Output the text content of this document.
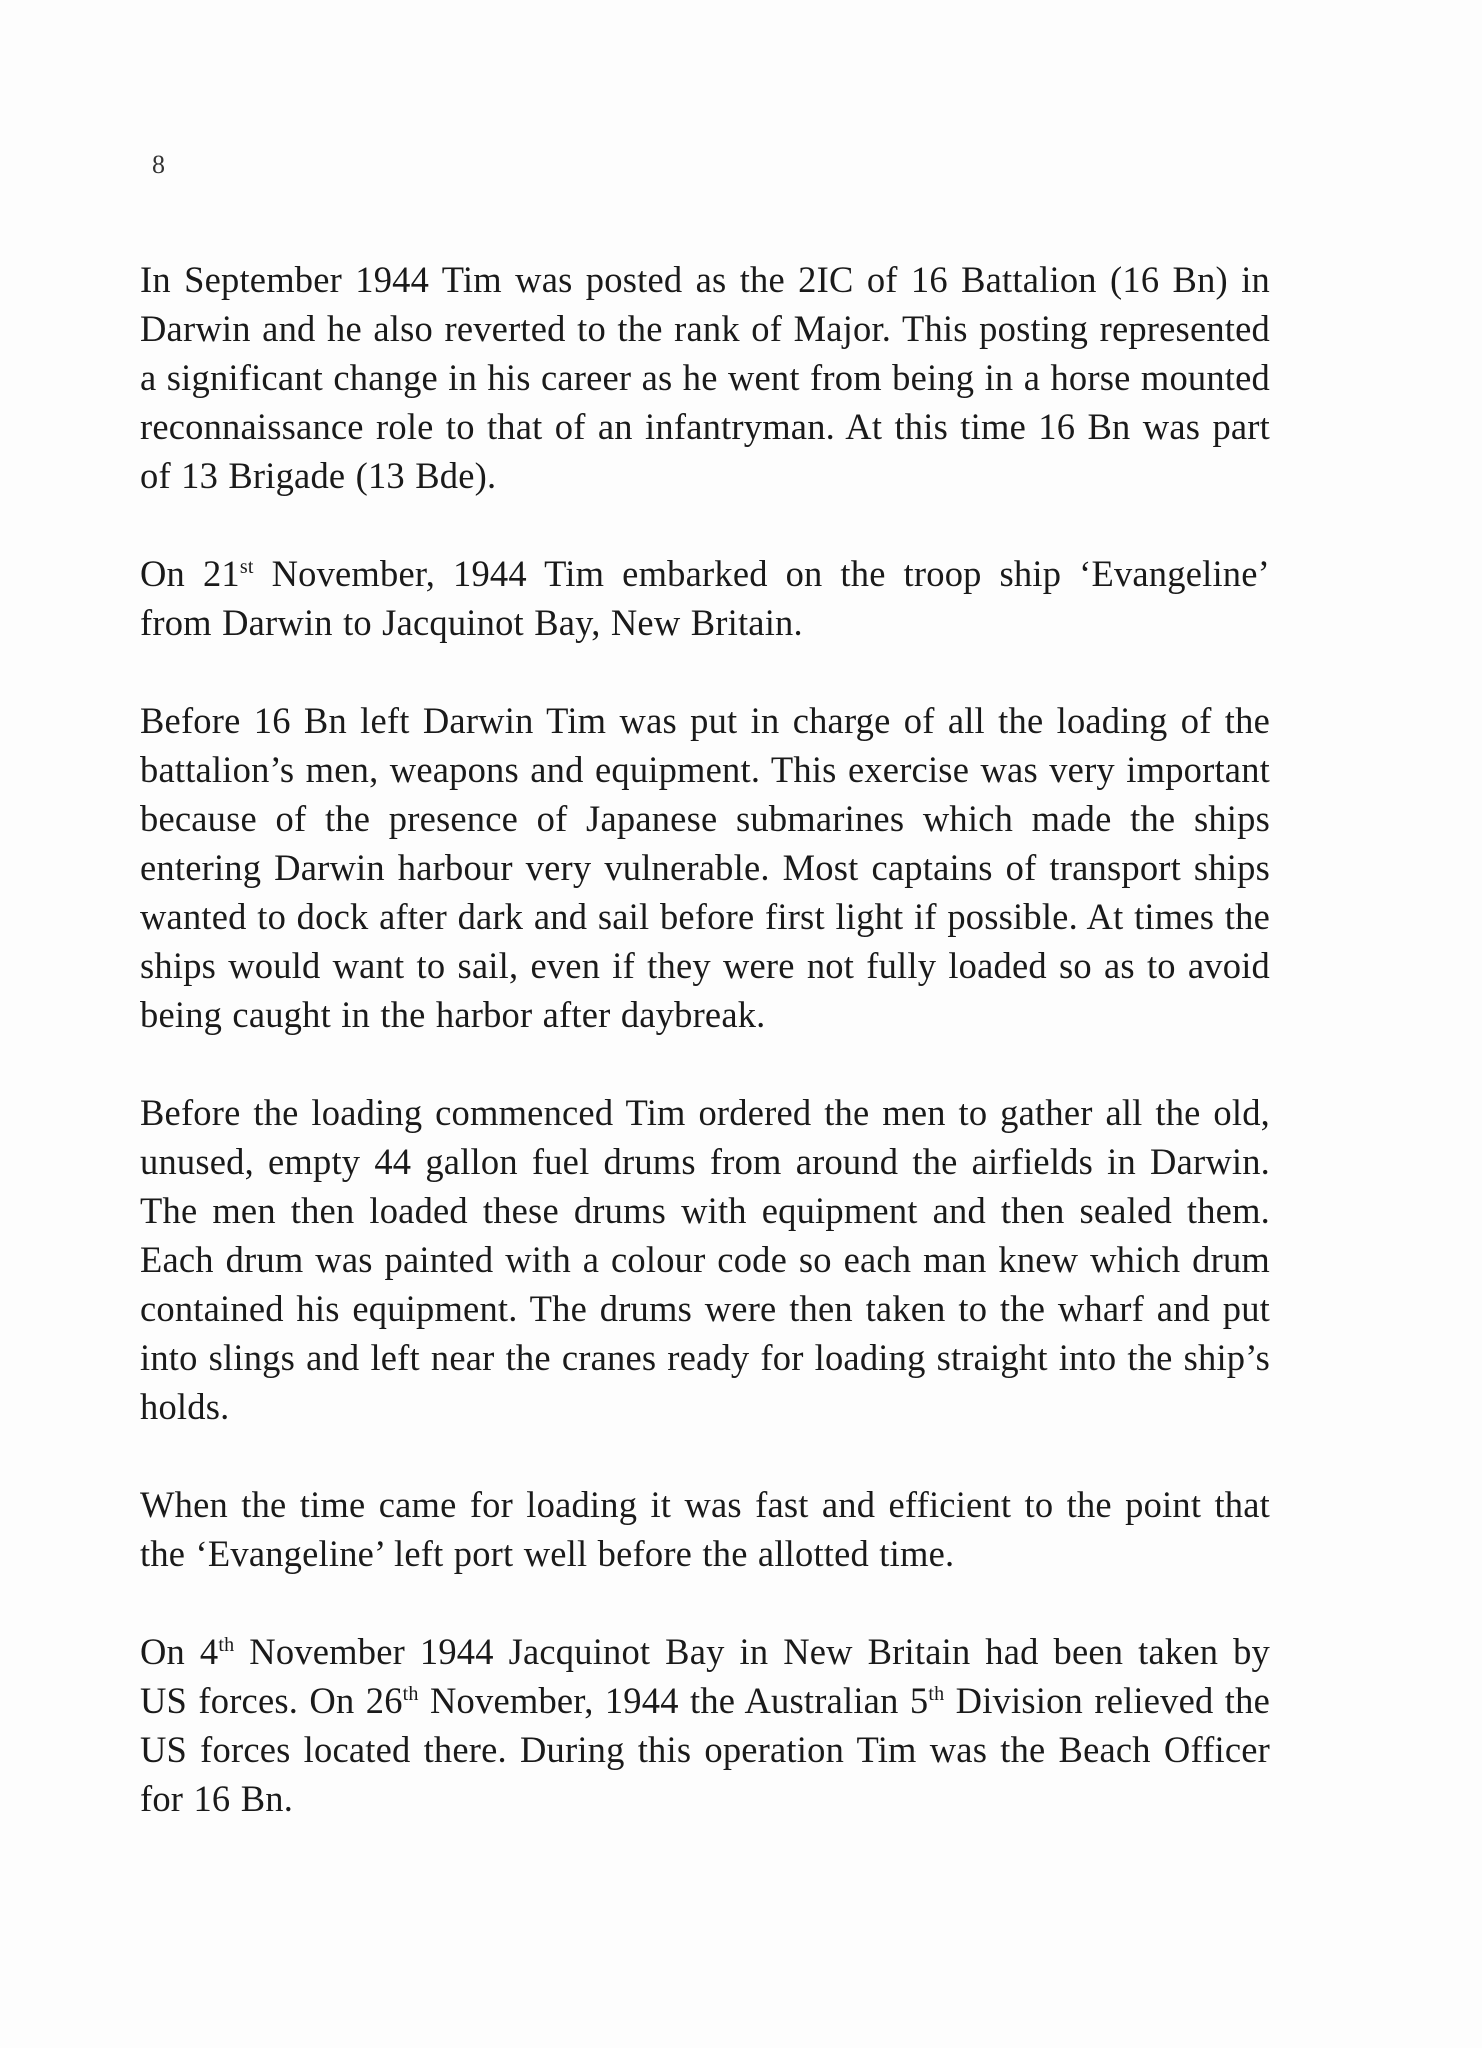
8

In September 1944 Tim was posted as the 2IC of 16 Battalion (16 Bn) in Darwin and he also reverted to the rank of Major. This posting represented a significant change in his career as he went from being in a horse mounted reconnaissance role to that of an infantryman. At this time 16 Bn was part of 13 Brigade (13 Bde).

On 21st November, 1944 Tim embarked on the troop ship ‘Evangeline’ from Darwin to Jacquinot Bay, New Britain.

Before 16 Bn left Darwin Tim was put in charge of all the loading of the battalion’s men, weapons and equipment. This exercise was very important because of the presence of Japanese submarines which made the ships entering Darwin harbour very vulnerable. Most captains of transport ships wanted to dock after dark and sail before first light if possible. At times the ships would want to sail, even if they were not fully loaded so as to avoid being caught in the harbor after daybreak.

Before the loading commenced Tim ordered the men to gather all the old, unused, empty 44 gallon fuel drums from around the airfields in Darwin. The men then loaded these drums with equipment and then sealed them. Each drum was painted with a colour code so each man knew which drum contained his equipment. The drums were then taken to the wharf and put into slings and left near the cranes ready for loading straight into the ship’s holds.

When the time came for loading it was fast and efficient to the point that the ‘Evangeline’ left port well before the allotted time.

On 4th November 1944 Jacquinot Bay in New Britain had been taken by US forces. On 26th November, 1944 the Australian 5th Division relieved the US forces located there. During this operation Tim was the Beach Officer for 16 Bn.
